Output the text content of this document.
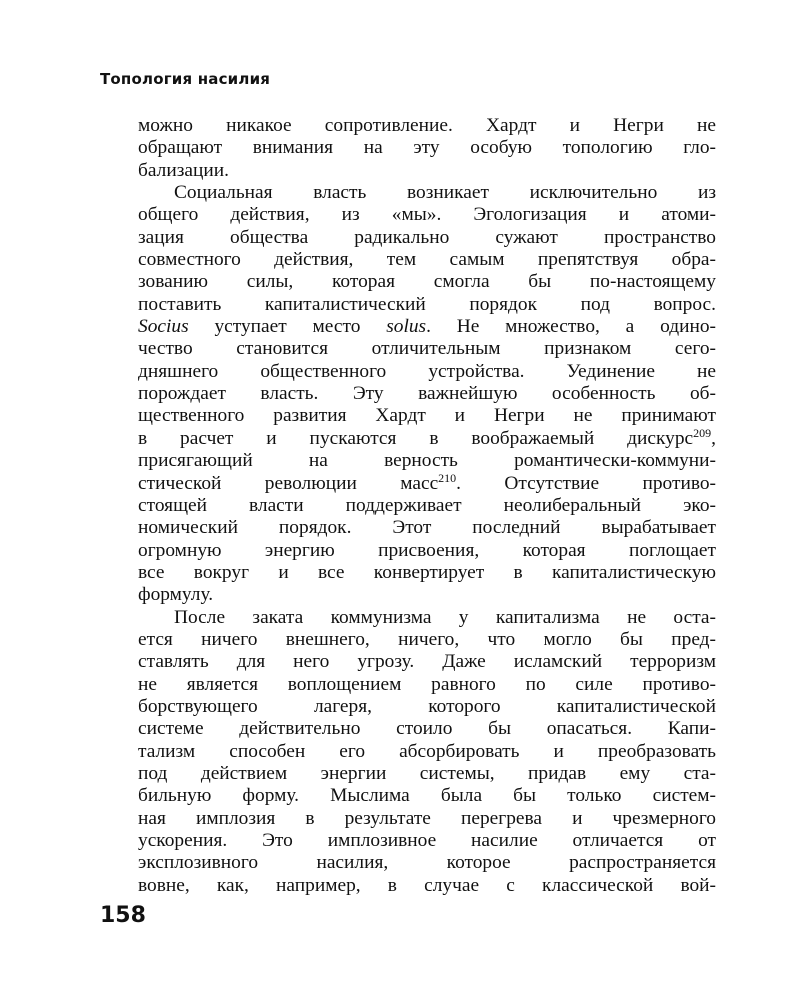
Топология насилия
можно никакое сопротивление. Хардт и Негри не
обращают внимания на эту особую топологию гло-
бализации.
Социальная власть возникает исключительно из
общего действия, из «мы». Эгологизация и атоми-
зация общества радикально сужают пространство
совместного действия, тем самым препятствуя обра-
зованию силы, которая смогла бы по-настоящему
поставить капиталистический порядок под вопрос.
Socius уступает место solus. Не множество, а одино-
чество становится отличительным признаком сего-
дняшнего общественного устройства. Уединение не
порождает власть. Эту важнейшую особенность об-
щественного развития Хардт и Негри не принимают
в расчет и пускаются в воображаемый дискурс$^{209}$,
присягающий на верность романтически-коммуни-
стической революции масс$^{210}$. Отсутствие противо-
стоящей власти поддерживает неолиберальный эко-
номический порядок. Этот последний вырабатывает
огромную энергию присвоения, которая поглощает
все вокруг и все конвертирует в капиталистическую
формулу.
После заката коммунизма у капитализма не оста-
ется ничего внешнего, ничего, что могло бы пред-
ставлять для него угрозу. Даже исламский терроризм
не является воплощением равного по силе противо-
борствующего лагеря, которого капиталистической
системе действительно стоило бы опасаться. Капи-
тализм способен его абсорбировать и преобразовать
под действием энергии системы, придав ему ста-
бильную форму. Мыслима была бы только систем-
ная имплозия в результате перегрева и чрезмерного
ускорения. Это имплозивное насилие отличается от
эксплозивного насилия, которое распространяется
вовне, как, например, в случае с классической вой-
158
